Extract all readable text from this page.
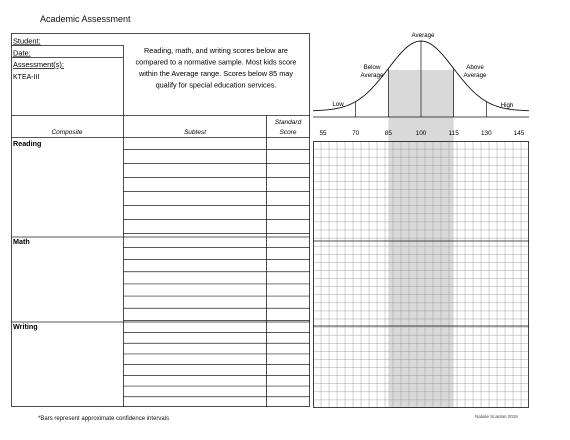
Academic Assessment
Student:
Date:
Assessment(s):
KTEA-III
Reading, math, and writing scores below are
compared to a normative sample. Most kids score
within the Average range. Scores below 85 may
qualify for special education services.
Composite	Subtest
Standard
Score
Reading
Math
Writing
Average
Below
Average
Above
Average
Low	High
55	70	85	100	115	130	145
*Bars represent approximate confidence intervals	Natalie Scanlan 2016
